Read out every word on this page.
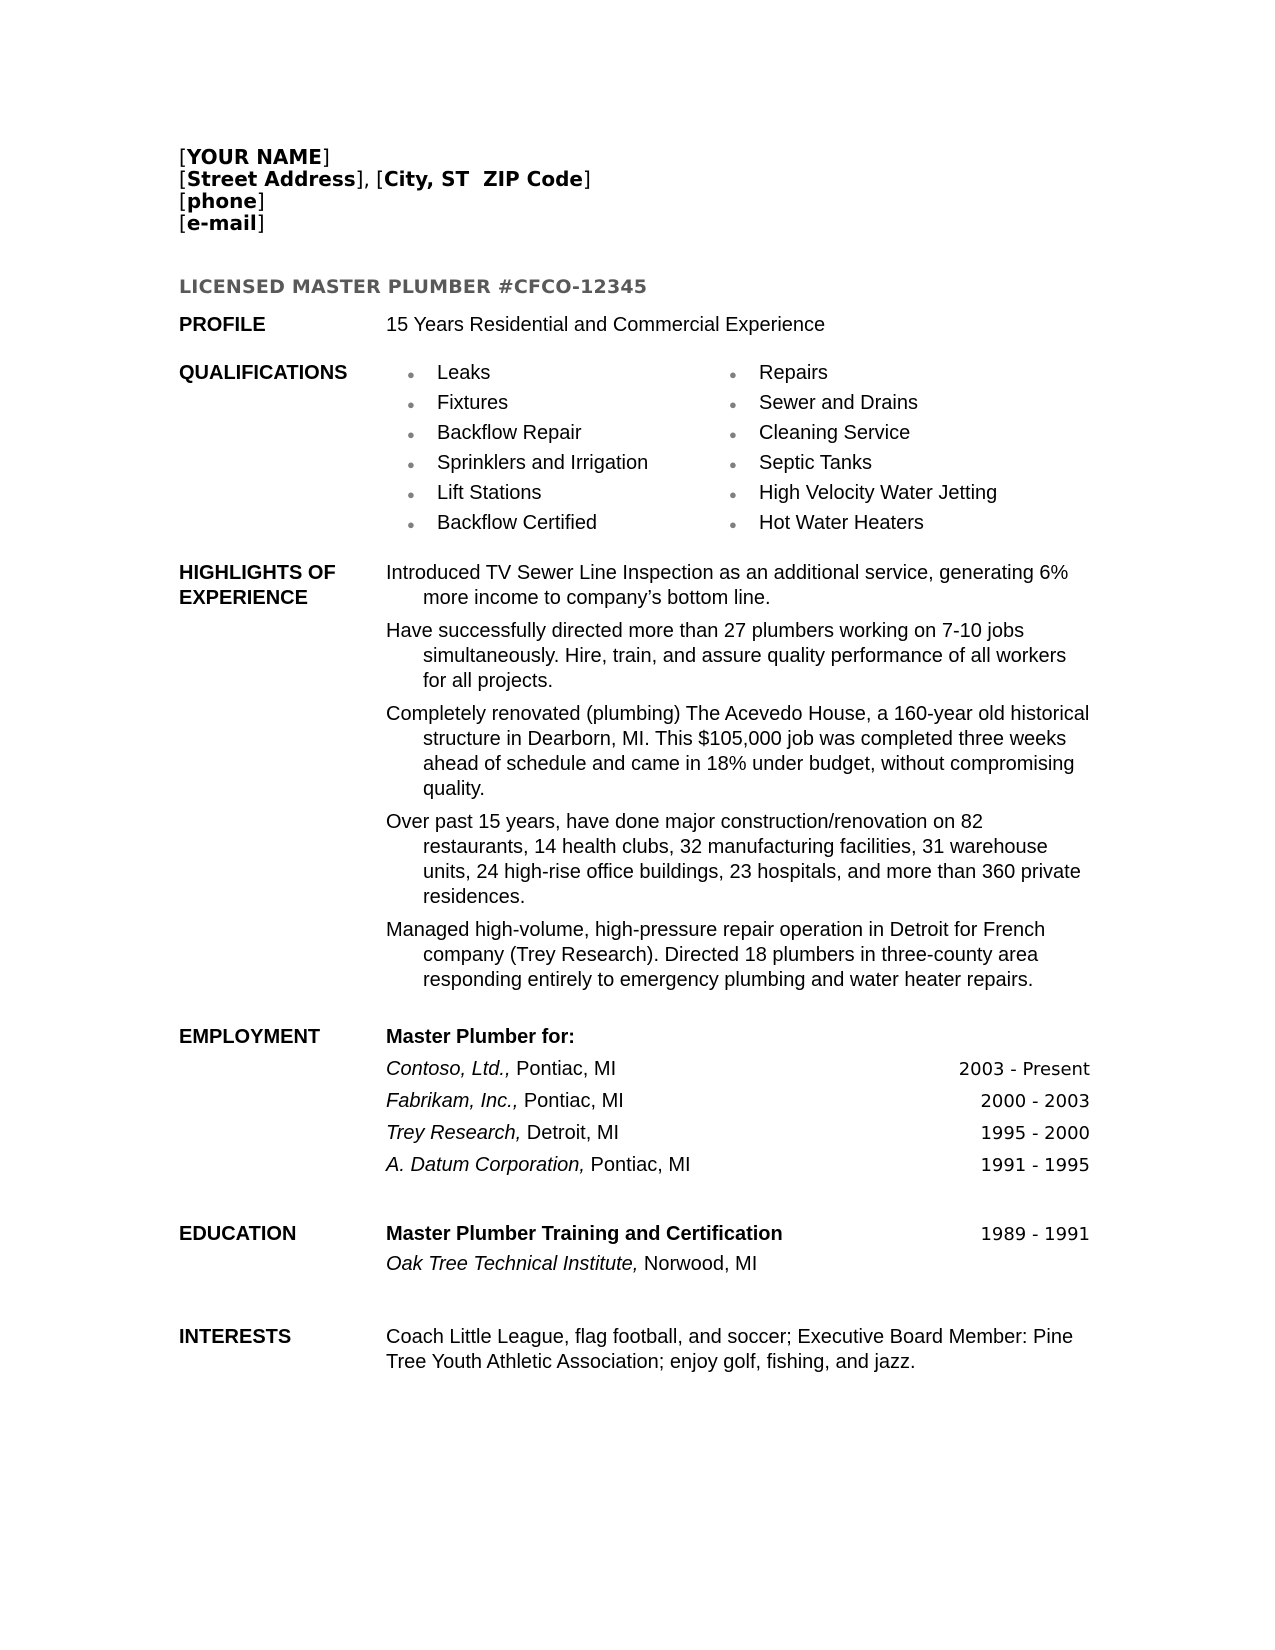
[YOUR NAME]
[Street Address], [City, ST  ZIP Code]
[phone]
[e-mail]
LICENSED MASTER PLUMBER #CFCO-12345
PROFILE	15 Years Residential and Commercial Experience
QUALIFICATIONS	●	Leaks
●	Fixtures
●	Backflow Repair
●	Sprinklers and Irrigation
●	Lift Stations
●	Backflow Certified
●	Repairs
●	Sewer and Drains
●	Cleaning Service
●	Septic Tanks
●	High Velocity Water Jetting
●	Hot Water Heaters
HIGHLIGHTS OF
EXPERIENCE

Introduced TV Sewer Line Inspection as an additional service, generating 6% more income to company’s bottom line.

Have successfully directed more than 27 plumbers working on 7-10 jobs simultaneously. Hire, train, and assure quality performance of all workers for all projects.

Completely renovated (plumbing) The Acevedo House, a 160-year old historical structure in Dearborn, MI. This $105,000 job was completed three weeks ahead of schedule and came in 18% under budget, without compromising quality.

Over past 15 years, have done major construction/renovation on 82 restaurants, 14 health clubs, 32 manufacturing facilities, 31 warehouse units, 24 high-rise office buildings, 23 hospitals, and more than 360 private residences.

Managed high-volume, high-pressure repair operation in Detroit for French company (Trey Research). Directed 18 plumbers in three-county area responding entirely to emergency plumbing and water heater repairs.

EMPLOYMENT	Master Plumber for:
Contoso, Ltd., Pontiac, MI	2003 - Present
Fabrikam, Inc., Pontiac, MI	2000 - 2003
Trey Research, Detroit, MI	1995 - 2000
A. Datum Corporation, Pontiac, MI	1991 - 1995
EDUCATION	Master Plumber Training and Certification	1989 - 1991
Oak Tree Technical Institute, Norwood, MI
INTERESTS	Coach Little League, flag football, and soccer; Executive Board Member: Pine Tree Youth Athletic Association; enjoy golf, fishing, and jazz.
